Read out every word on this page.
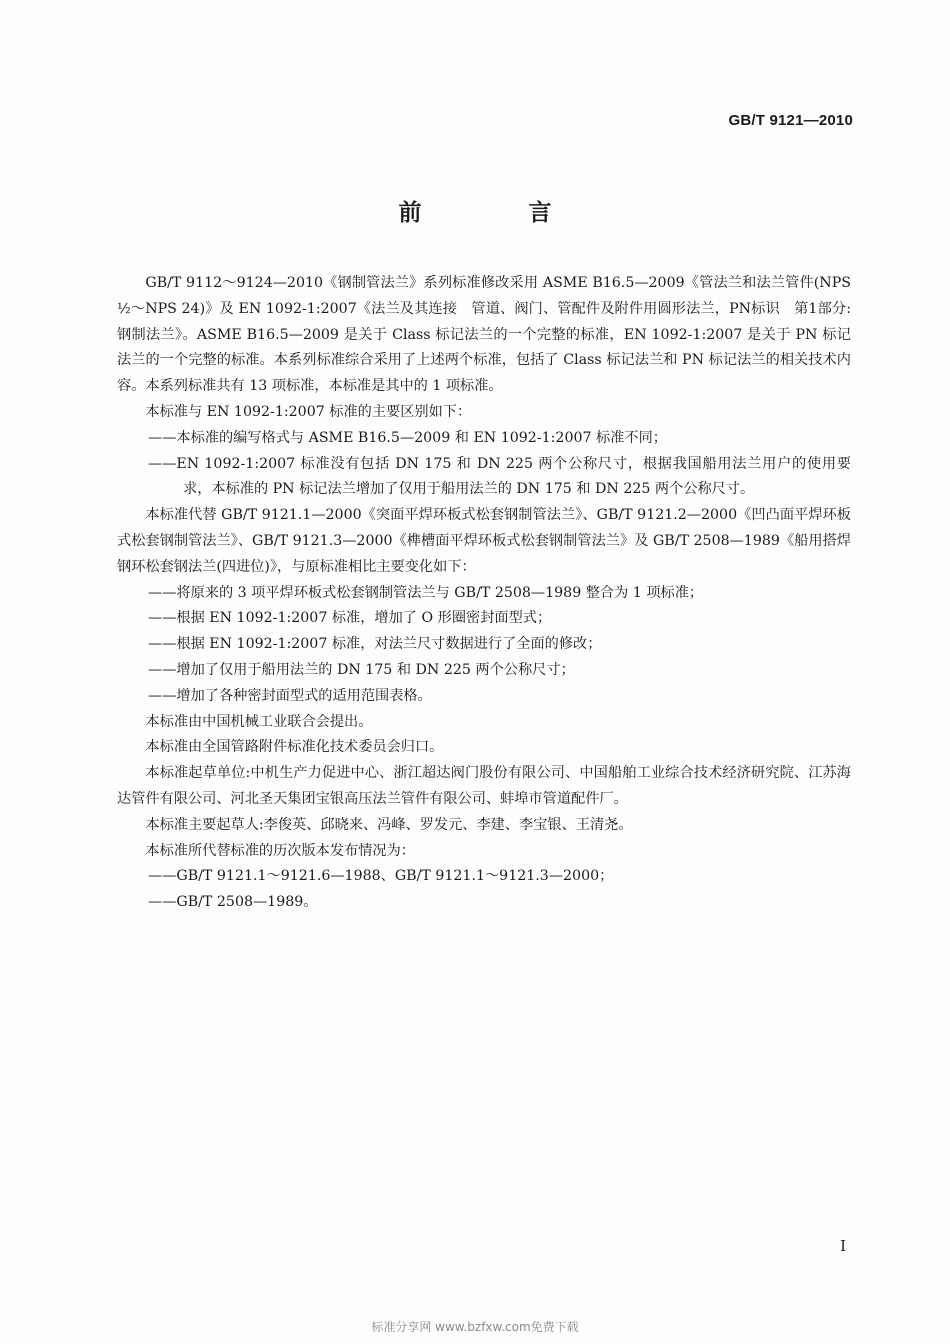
GB/T 9121—2010
前　言

GB/T 9112～9124—2010《钢制管法兰》系列标准修改采用 ASME B16.5—2009《管法兰和法兰管件(NPS ½～NPS 24)》及 EN 1092-1:2007《法兰及其连接　管道、阀门、管配件及附件用圆形法兰，PN标识　第1部分:钢制法兰》。ASME B16.5—2009 是关于 Class 标记法兰的一个完整的标准，EN 1092-1:2007 是关于 PN 标记法兰的一个完整的标准。本系列标准综合采用了上述两个标准，包括了 Class 标记法兰和 PN 标记法兰的相关技术内容。本系列标准共有 13 项标准，本标准是其中的 1 项标准。

本标准与 EN 1092-1:2007 标准的主要区别如下：

——本标准的编写格式与 ASME B16.5—2009 和 EN 1092-1:2007 标准不同；

——EN 1092-1:2007 标准没有包括 DN 175 和 DN 225 两个公称尺寸，根据我国船用法兰用户的使用要求，本标准的 PN 标记法兰增加了仅用于船用法兰的 DN 175 和 DN 225 两个公称尺寸。

本标准代替 GB/T 9121.1—2000《突面平焊环板式松套钢制管法兰》、GB/T 9121.2—2000《凹凸面平焊环板式松套钢制管法兰》、GB/T 9121.3—2000《榫槽面平焊环板式松套钢制管法兰》及 GB/T 2508—1989《船用搭焊钢环松套钢法兰(四进位)》，与原标准相比主要变化如下：

——将原来的 3 项平焊环板式松套钢制管法兰与 GB/T 2508—1989 整合为 1 项标准；

——根据 EN 1092-1:2007 标准，增加了 O 形圈密封面型式；

——根据 EN 1092-1:2007 标准，对法兰尺寸数据进行了全面的修改；

——增加了仅用于船用法兰的 DN 175 和 DN 225 两个公称尺寸；

——增加了各种密封面型式的适用范围表格。

本标准由中国机械工业联合会提出。

本标准由全国管路附件标准化技术委员会归口。

本标准起草单位:中机生产力促进中心、浙江超达阀门股份有限公司、中国船舶工业综合技术经济研究院、江苏海达管件有限公司、河北圣天集团宝银高压法兰管件有限公司、蚌埠市管道配件厂。

本标准主要起草人:李俊英、邱晓来、冯峰、罗发元、李建、李宝银、王清尧。

本标准所代替标准的历次版本发布情况为：

——GB/T 9121.1～9121.6—1988、GB/T 9121.1～9121.3—2000；

——GB/T 2508—1989。

I
标准分享网 www.bzfxw.com免费下载
